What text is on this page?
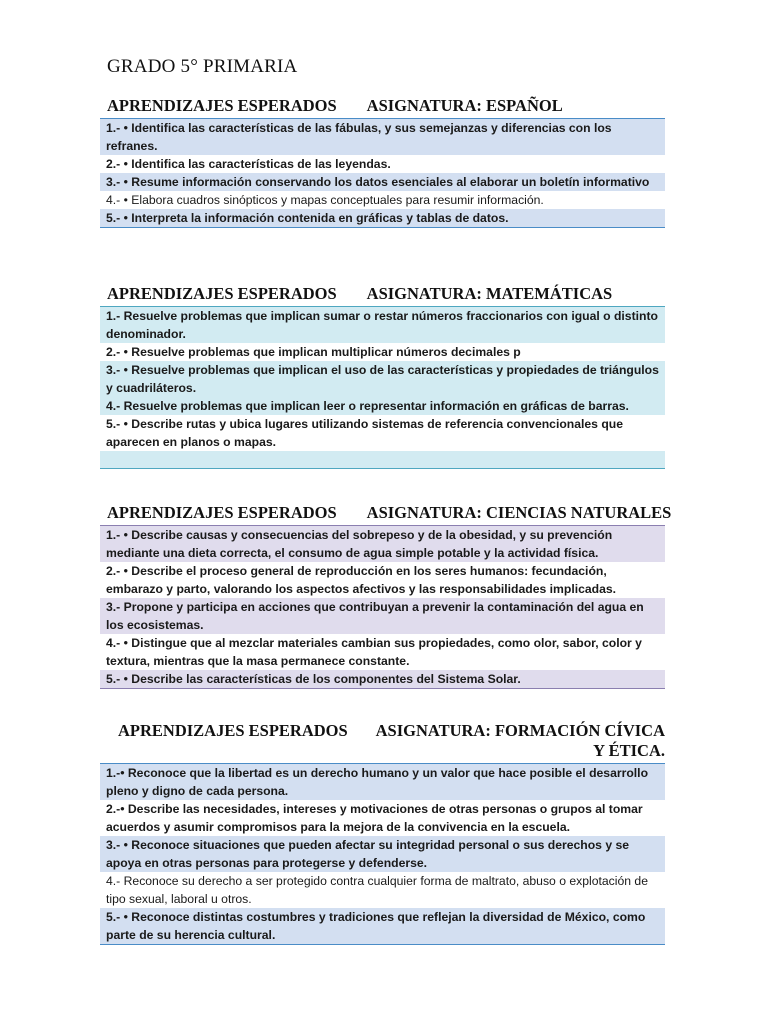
GRADO 5° PRIMARIA
APRENDIZAJES ESPERADOS ASIGNATURA: ESPAÑOL
1.- • Identifica las características de las fábulas, y sus semejanzas y diferencias con los refranes.
2.- • Identifica las características de las leyendas.
3.- • Resume información conservando los datos esenciales al elaborar un boletín informativo
4.- • Elabora cuadros sinópticos y mapas conceptuales para resumir información.
5.- • Interpreta la información contenida en gráficas y tablas de datos.
APRENDIZAJES ESPERADOS ASIGNATURA: MATEMÁTICAS
1.- Resuelve problemas que implican sumar o restar números fraccionarios con igual o distinto denominador.
2.- • Resuelve problemas que implican multiplicar números decimales p
3.- • Resuelve problemas que implican el uso de las características y propiedades de triángulos y cuadriláteros.
4.- Resuelve problemas que implican leer o representar información en gráficas de barras.
5.- • Describe rutas y ubica lugares utilizando sistemas de referencia convencionales que aparecen en planos o mapas.
APRENDIZAJES ESPERADOS ASIGNATURA: CIENCIAS NATURALES
1.- • Describe causas y consecuencias del sobrepeso y de la obesidad, y su prevención mediante una dieta correcta, el consumo de agua simple potable y la actividad física.
2.- • Describe el proceso general de reproducción en los seres humanos: fecundación, embarazo y parto, valorando los aspectos afectivos y las responsabilidades implicadas.
3.- Propone y participa en acciones que contribuyan a prevenir la contaminación del agua en los ecosistemas.
4.- • Distingue que al mezclar materiales cambian sus propiedades, como olor, sabor, color y textura, mientras que la masa permanece constante.
5.- • Describe las características de los componentes del Sistema Solar.
APRENDIZAJES ESPERADOS ASIGNATURA: FORMACIÓN CÍVICA Y ÉTICA.
1.-• Reconoce que la libertad es un derecho humano y un valor que hace posible el desarrollo pleno y digno de cada persona.
2.-• Describe las necesidades, intereses y motivaciones de otras personas o grupos al tomar acuerdos y asumir compromisos para la mejora de la convivencia en la escuela.
3.- • Reconoce situaciones que pueden afectar su integridad personal o sus derechos y se apoya en otras personas para protegerse y defenderse.
4.- Reconoce su derecho a ser protegido contra cualquier forma de maltrato, abuso o explotación de tipo sexual, laboral u otros.
5.- • Reconoce distintas costumbres y tradiciones que reflejan la diversidad de México, como parte de su herencia cultural.
